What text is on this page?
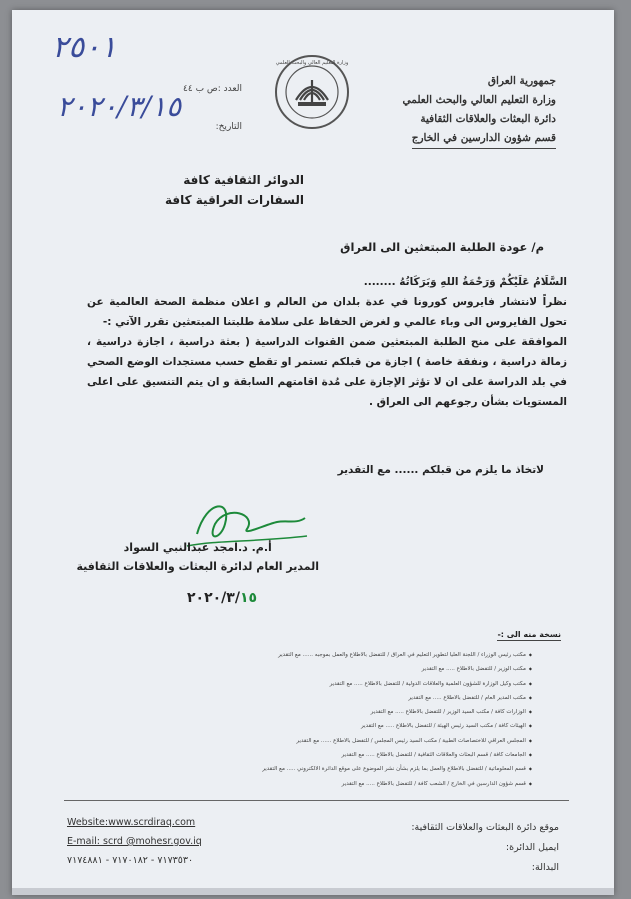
٢٥٠١
٢٠٢٠/٣/١٥
العدد :ص ب ٤٤
التاريخ:
وزارة التعليم العالي والبحث العلمي
جمهورية العراق
وزارة التعليم العالي والبحث العلمي
دائرة البعثات والعلاقات الثقافية
قسم شؤون الدارسين في الخارج
الدوائر الثقافية كافة
السفارات العراقية كافة
م/ عودة الطلبة المبتعثين الى العراق

السَّلَامُ عَلَيْكُمْ وَرَحْمَةُ اللهِ وَبَرَكَاتُهُ ........

نظراً لانتشار فايروس كورونا في عدة بلدان من العالم و اعلان منظمة الصحة العالمية عن تحول الفايروس الى وباء عالمي و لغرض الحفاظ على سلامة طلبتنا المبتعثين تقرر الآتي :-

الموافقة على منح الطلبة المبتعثين ضمن القنوات الدراسية ( بعثة دراسية ، اجازة دراسية ، زمالة دراسية ، ونفقة خاصة ) اجازة من قبلكم تستمر او تقطع حسب مستجدات الوضع الصحي في بلد الدراسة على ان لا تؤثر الإجازة على مُدة اقامتهم السابقة و ان يتم التنسيق على اعلى المستويات بشأن رجوعهم الى العراق .

لاتخاذ ما يلزم من قبلكم ...... مع التقدير
أ.م. د.امجد عبدالنبي السواد
المدير العام لدائرة البعثات والعلاقات الثقافية
٢٠٢٠/٣/١٥
نسخة منه الى :-
◆ مكتب رئيس الوزراء / اللجنة العليا لتطوير التعليم في العراق / للتفضل بالاطلاع والعمل بموجبه ...... مع التقدير
◆ مكتب الوزير / للتفضل بالاطلاع ..... مع التقدير
◆ مكتب وكيل الوزارة للشؤون العلمية والعلاقات الدولية / للتفضل بالاطلاع ..... مع التقدير
◆ مكتب المدير العام / للتفضل بالاطلاع ..... مع التقدير
◆ الوزارات كافة / مكتب السيد الوزير / للتفضل بالاطلاع ..... مع التقدير
◆ الهيئات كافة / مكتب السيد رئيس الهيئة / للتفضل بالاطلاع ..... مع التقدير
◆ المجلس العراقي للاختصاصات الطبية / مكتب السيد رئيس المجلس / للتفضل بالاطلاع ...... مع التقدير
◆ الجامعات كافة / قسم البعثات والعلاقات الثقافية / للتفضل بالاطلاع ..... مع التقدير
◆ قسم المعلوماتية / للتفضل بالاطلاع والعمل بما يلزم بشأن نشر الموضوع على موقع الدائرة الالكتروني ..... مع التقدير
◆ قسم شؤون الدارسين في الخارج / الشعب كافة / للتفضل بالاطلاع ..... مع التقدير
Website:www.scrdiraq.com
E-mail: scrd @mohesr.gov.iq
٧١٧٣٥٣٠ - ٧١٧٠١٨٢ - ٧١٧٤٨٨١
موقع دائرة البعثات والعلاقات الثقافية:
ايميل الدائرة:
البدالة:
